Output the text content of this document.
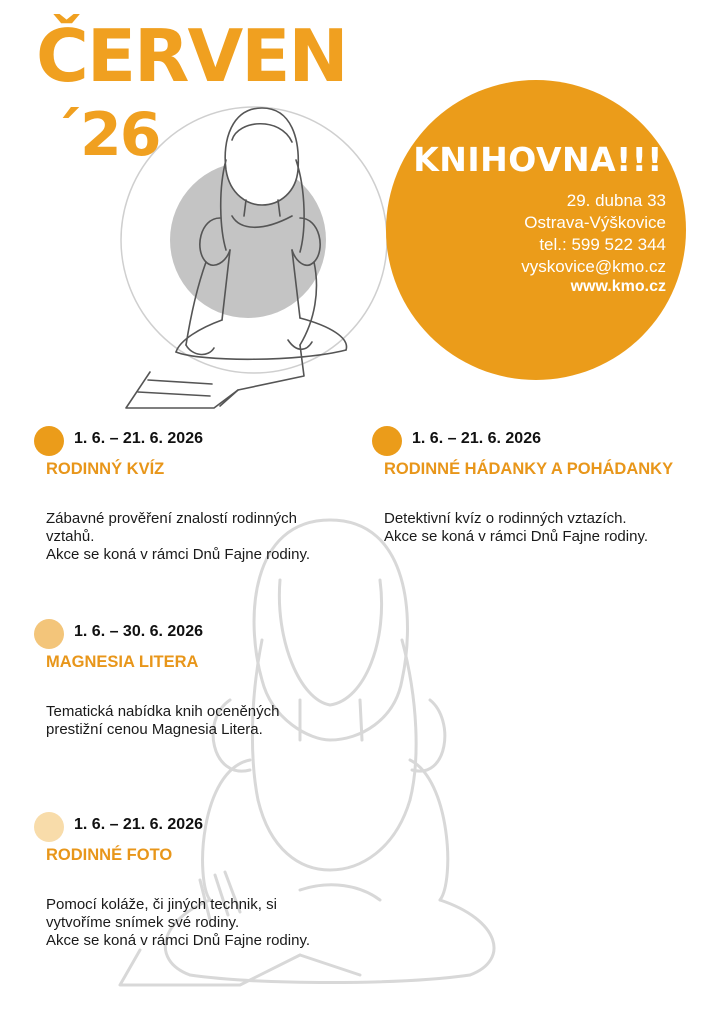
ČERVEN
´26	KNIHOVNA!!!

29. dubna 33

Ostrava-Výškovice

tel.: 599 522 344

vyskovice@kmo.cz

www.kmo.cz

1. 6. – 21. 6. 2026

RODINNÝ KVÍZ

Zábavné prověření znalostí rodinných
vztahů.
Akce se koná v rámci Dnů Fajne rodiny.
1. 6. – 21. 6. 2026

RODINNÉ HÁDANKY A POHÁDANKY

Detektivní kvíz o rodinných vztazích.
Akce se koná v rámci Dnů Fajne rodiny.
1. 6. – 30. 6. 2026

MAGNESIA LITERA

Tematická nabídka knih oceněných
prestižní cenou Magnesia Litera.
1. 6. – 21. 6. 2026

RODINNÉ FOTO

Pomocí koláže, či jiných technik, si
vytvoříme snímek své rodiny.
Akce se koná v rámci Dnů Fajne rodiny.
